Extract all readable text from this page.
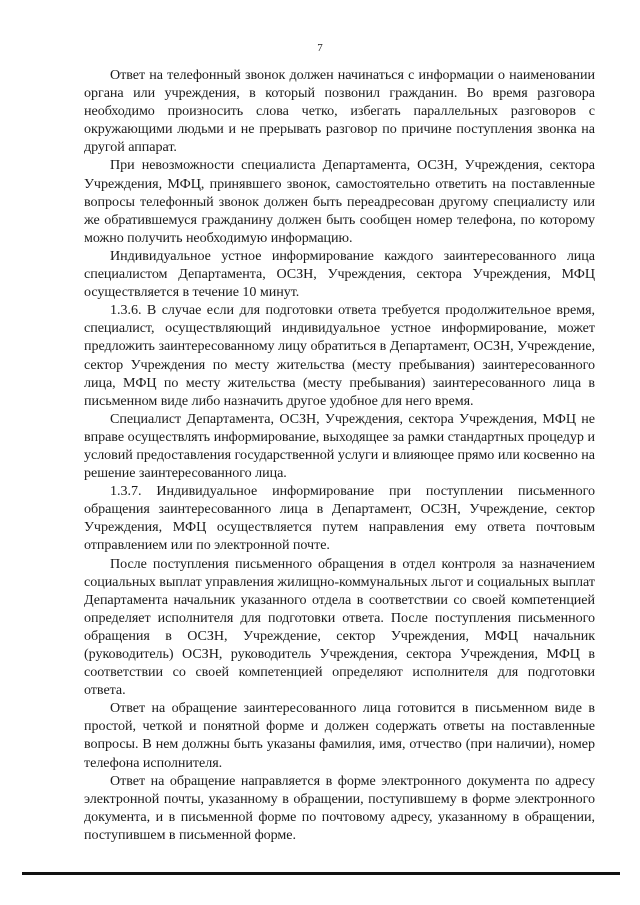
7

Ответ на телефонный звонок должен начинаться с информации о наименовании органа или учреждения, в который позвонил гражданин. Во время разговора необходимо произносить слова четко, избегать параллельных разговоров с окружающими людьми и не прерывать разговор по причине поступления звонка на другой аппарат.

При невозможности специалиста Департамента, ОСЗН, Учреждения, сектора Учреждения, МФЦ, принявшего звонок, самостоятельно ответить на поставленные вопросы телефонный звонок должен быть переадресован другому специалисту или же обратившемуся гражданину должен быть сообщен номер телефона, по которому можно получить необходимую информацию.

Индивидуальное устное информирование каждого заинтересованного лица специалистом Департамента, ОСЗН, Учреждения, сектора Учреждения, МФЦ осуществляется в течение 10 минут.

1.3.6. В случае если для подготовки ответа требуется продолжительное время, специалист, осуществляющий индивидуальное устное информирование, может предложить заинтересованному лицу обратиться в Департамент, ОСЗН, Учреждение, сектор Учреждения по месту жительства (месту пребывания) заинтересованного лица, МФЦ по месту жительства (месту пребывания) заинтересованного лица в письменном виде либо назначить другое удобное для него время.

Специалист Департамента, ОСЗН, Учреждения, сектора Учреждения, МФЦ не вправе осуществлять информирование, выходящее за рамки стандартных процедур и условий предоставления государственной услуги и влияющее прямо или косвенно на решение заинтересованного лица.

1.3.7. Индивидуальное информирование при поступлении письменного обращения заинтересованного лица в Департамент, ОСЗН, Учреждение, сектор Учреждения, МФЦ осуществляется путем направления ему ответа почтовым отправлением или по электронной почте.

После поступления письменного обращения в отдел контроля за назначением социальных выплат управления жилищно-коммунальных льгот и социальных выплат Департамента начальник указанного отдела в соответствии со своей компетенцией определяет исполнителя для подготовки ответа. После поступления письменного обращения в ОСЗН, Учреждение, сектор Учреждения, МФЦ начальник (руководитель) ОСЗН, руководитель Учреждения, сектора Учреждения, МФЦ в соответствии со своей компетенцией определяют исполнителя для подготовки ответа.

Ответ на обращение заинтересованного лица готовится в письменном виде в простой, четкой и понятной форме и должен содержать ответы на поставленные вопросы. В нем должны быть указаны фамилия, имя, отчество (при наличии), номер телефона исполнителя.

Ответ на обращение направляется в форме электронного документа по адресу электронной почты, указанному в обращении, поступившему в форме электронного документа, и в письменной форме по почтовому адресу, указанному в обращении, поступившем в письменной форме.
